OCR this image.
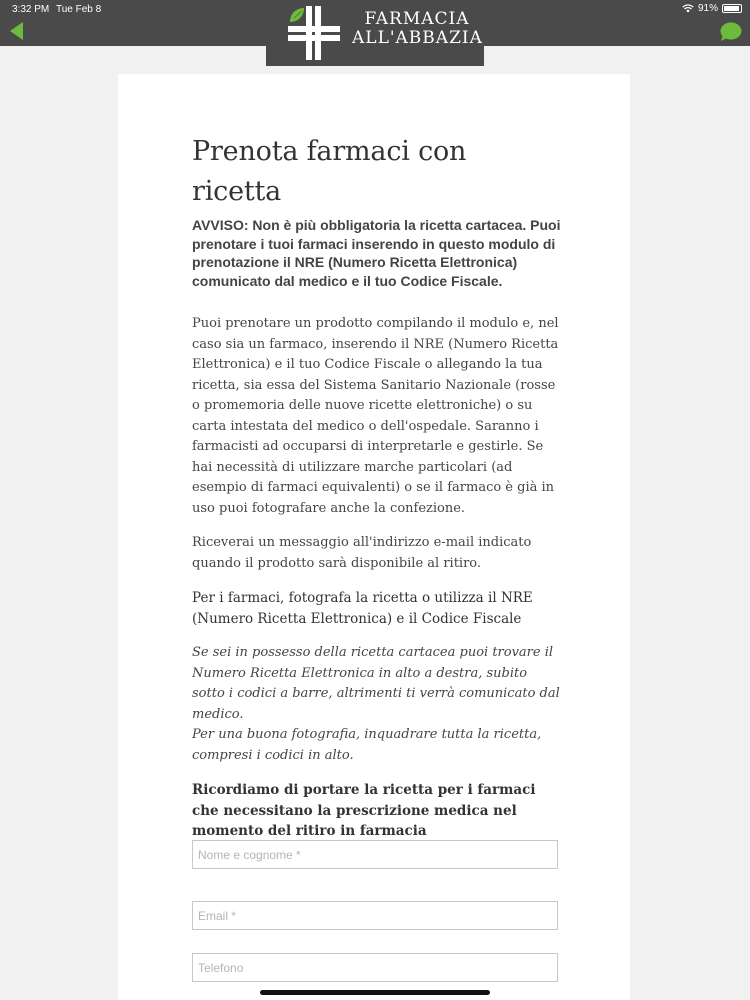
3:32 PM Tue Feb 8	91%
FARMACIA
ALL'ABBAZIA
Prenota farmaci con ricetta

AVVISO: Non è più obbligatoria la ricetta cartacea. Puoi prenotare i tuoi farmaci inserendo in questo modulo di prenotazione il NRE (Numero Ricetta Elettronica) comunicato dal medico e il tuo Codice Fiscale.

Puoi prenotare un prodotto compilando il modulo e, nel caso sia un farmaco, inserendo il NRE (Numero Ricetta Elettronica) e il tuo Codice Fiscale o allegando la tua ricetta, sia essa del Sistema Sanitario Nazionale (rosse o promemoria delle nuove ricette elettroniche) o su carta intestata del medico o dell'ospedale. Saranno i farmacisti ad occuparsi di interpretarle e gestirle. Se hai necessità di utilizzare marche particolari (ad esempio di farmaci equivalenti) o se il farmaco è già in uso puoi fotografare anche la confezione.

Riceverai un messaggio all'indirizzo e-mail indicato quando il prodotto sarà disponibile al ritiro.

Per i farmaci, fotografa la ricetta o utilizza il NRE (Numero Ricetta Elettronica) e il Codice Fiscale

Se sei in possesso della ricetta cartacea puoi trovare il Numero Ricetta Elettronica in alto a destra, subito sotto i codici a barre, altrimenti ti verrà comunicato dal medico.
Per una buona fotografia, inquadrare tutta la ricetta, compresi i codici in alto.

Ricordiamo di portare la ricetta per i farmaci che necessitano la prescrizione medica nel momento del ritiro in farmacia

Nome e cognome *
Email *
Telefono
